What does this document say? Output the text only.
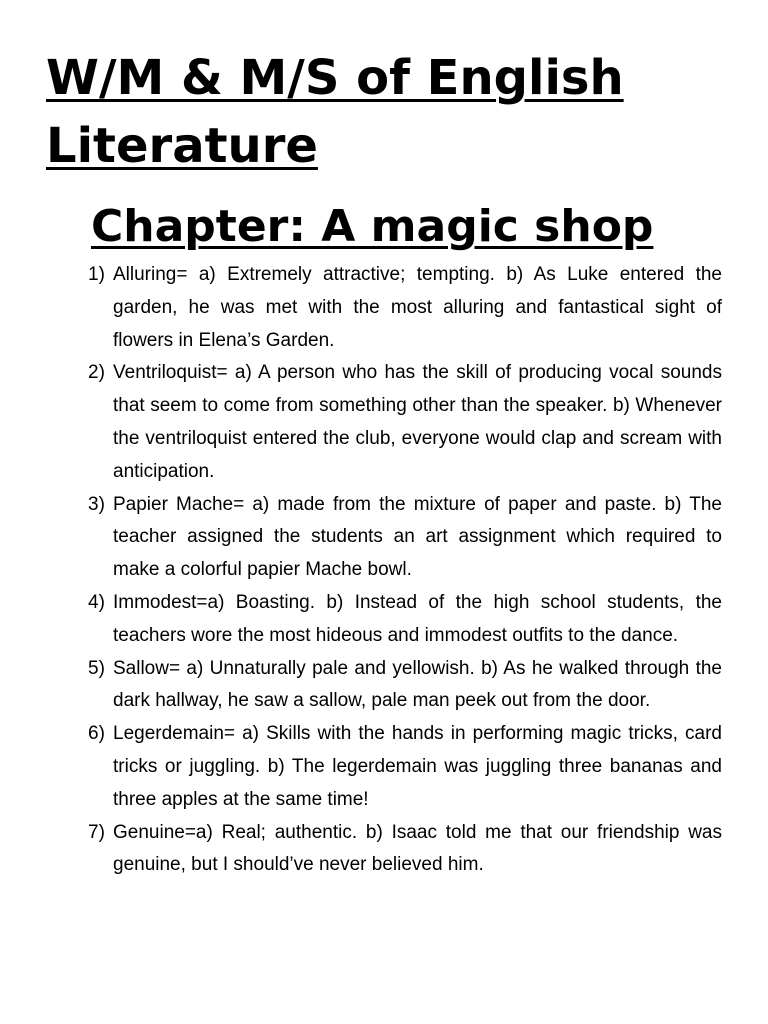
W/M & M/S of English Literature
Chapter: A magic shop
1) Alluring= a) Extremely attractive; tempting. b) As Luke entered the garden, he was met with the most alluring and fantastical sight of flowers in Elena’s Garden.
2) Ventriloquist= a) A person who has the skill of producing vocal sounds that seem to come from something other than the speaker. b) Whenever the ventriloquist entered the club, everyone would clap and scream with anticipation.
3) Papier Mache= a) made from the mixture of paper and paste. b) The teacher assigned the students an art assignment which required to make a colorful papier Mache bowl.
4) Immodest=a) Boasting. b) Instead of the high school students, the teachers wore the most hideous and immodest outfits to the dance.
5) Sallow= a) Unnaturally pale and yellowish. b) As he walked through the dark hallway, he saw a sallow, pale man peek out from the door.
6) Legerdemain= a) Skills with the hands in performing magic tricks, card tricks or juggling. b) The legerdemain was juggling three bananas and three apples at the same time!
7) Genuine=a) Real; authentic. b) Isaac told me that our friendship was genuine, but I should’ve never believed him.
